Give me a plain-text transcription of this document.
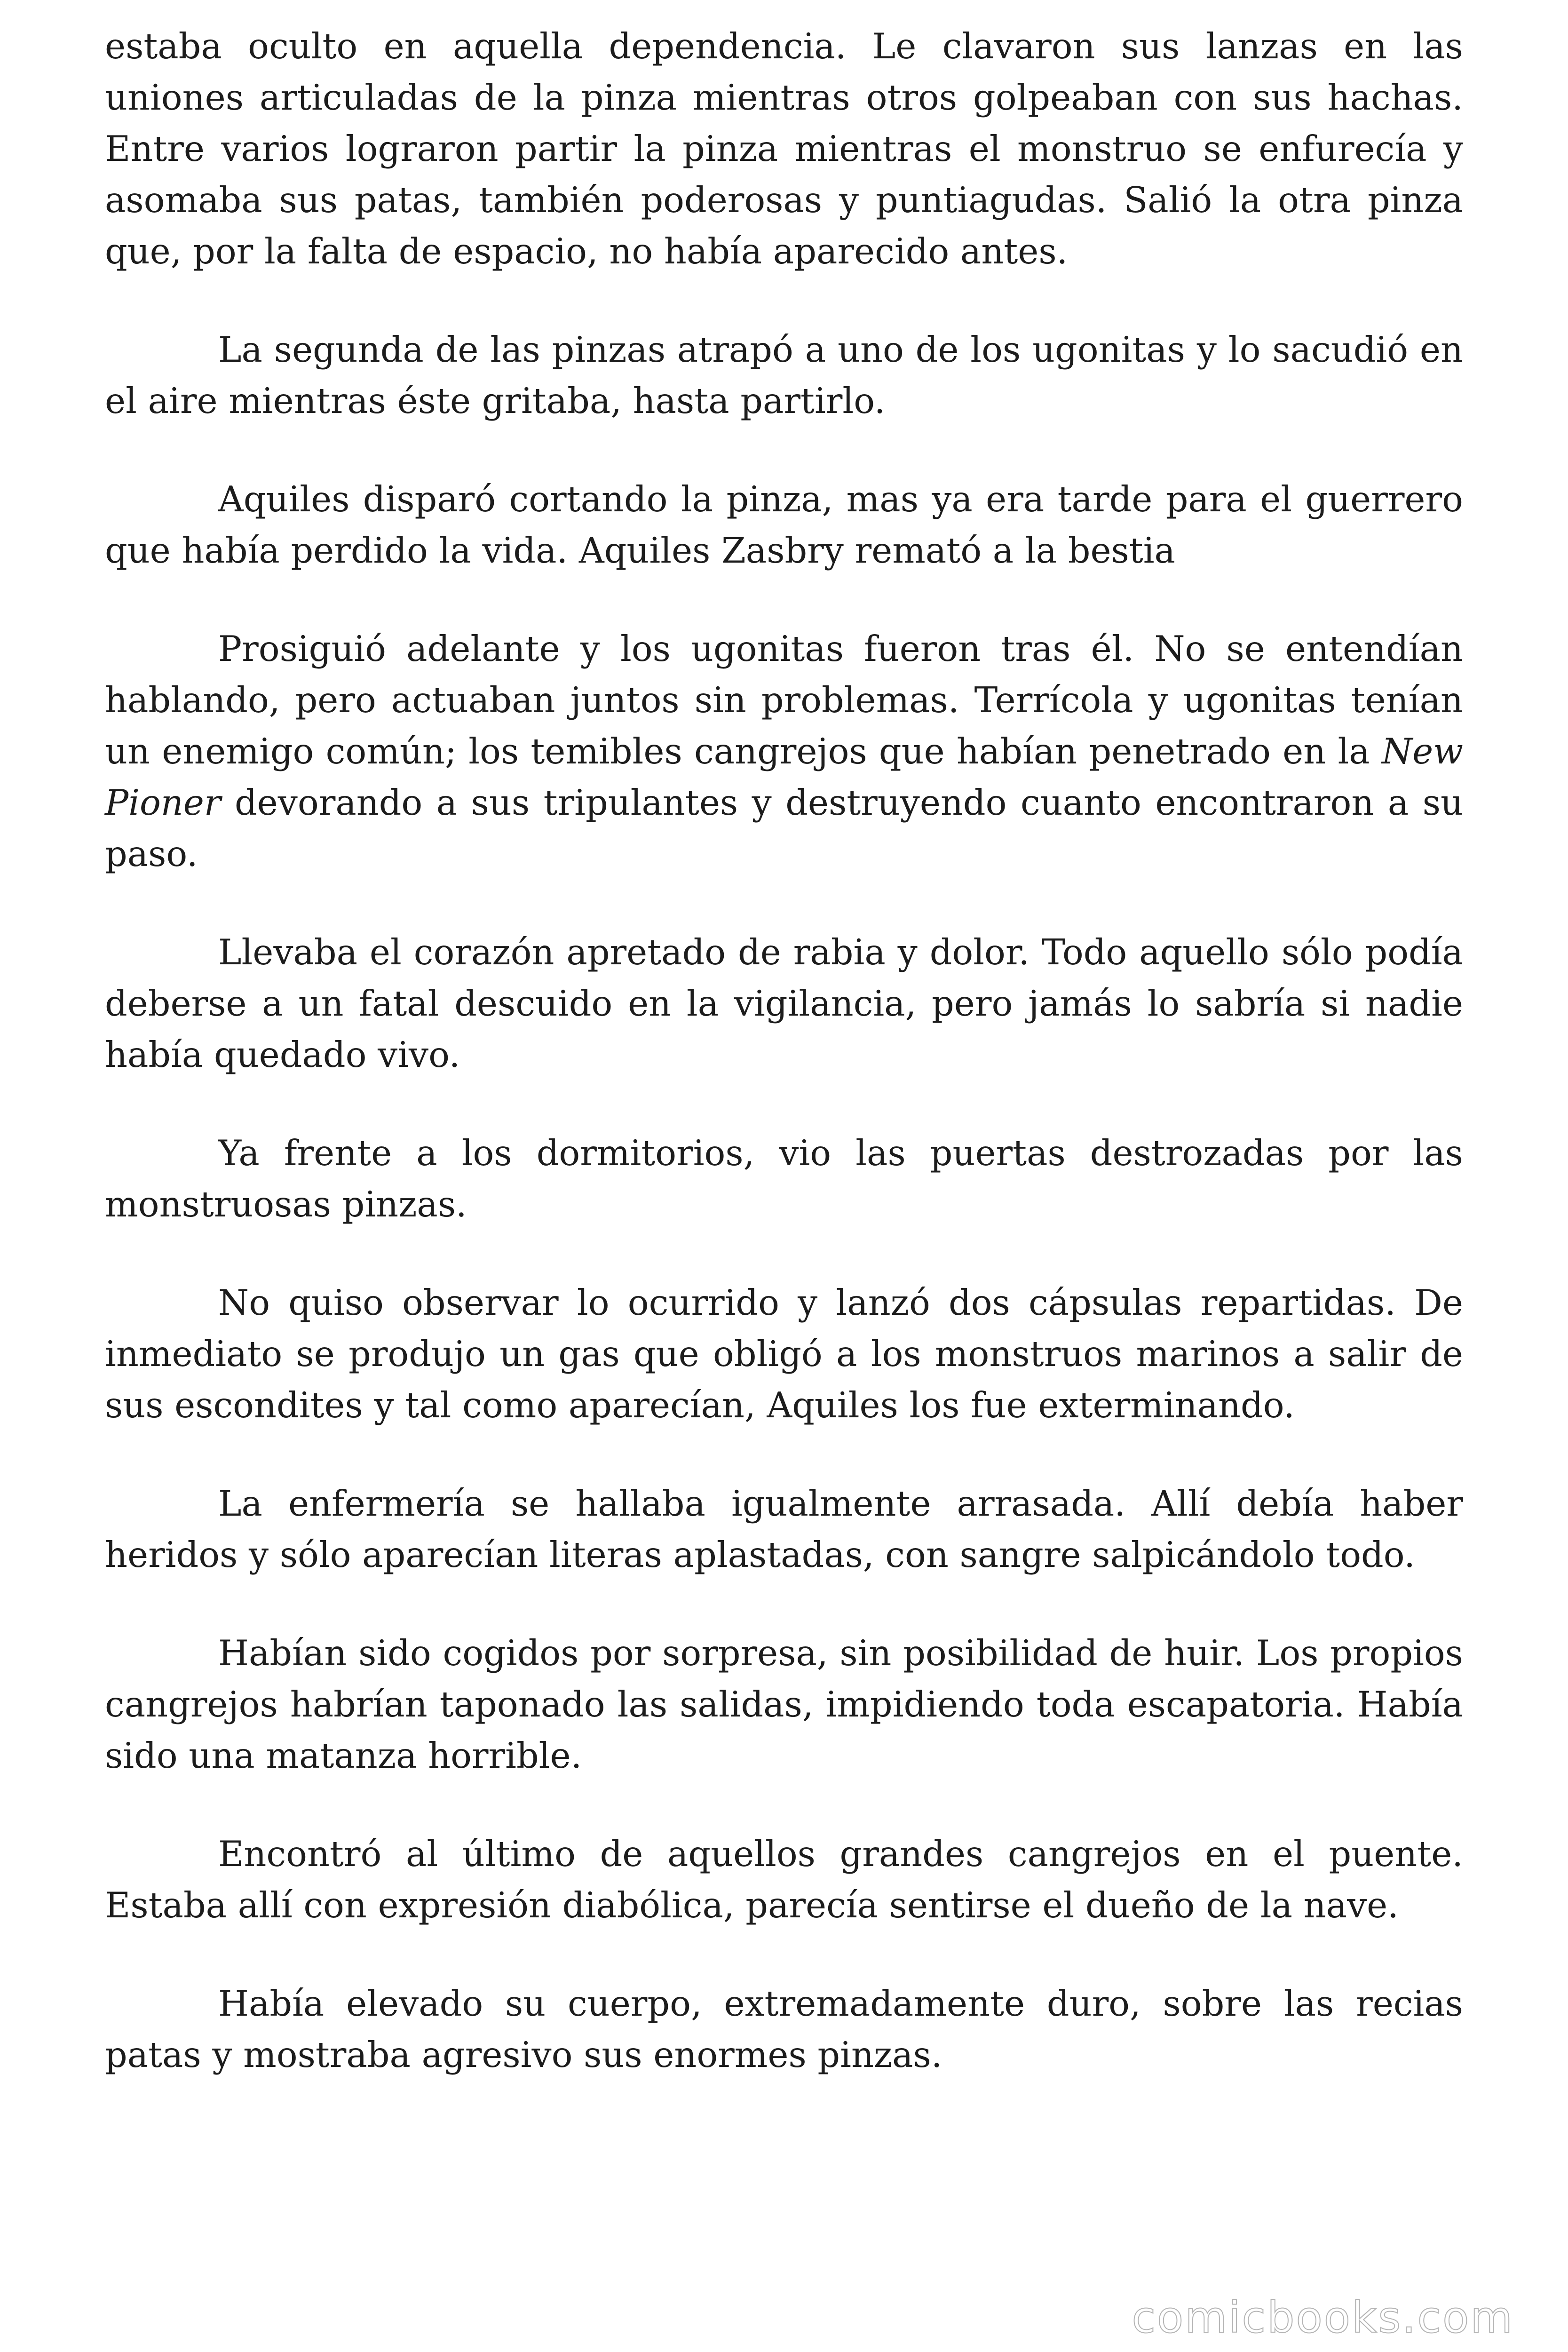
estaba oculto en aquella dependencia. Le clavaron sus lanzas en las uniones articuladas de la pinza mientras otros golpeaban con sus hachas. Entre varios lograron partir la pinza mientras el monstruo se enfurecía y asomaba sus patas, también poderosas y puntiagudas. Salió la otra pinza que, por la falta de espacio, no había aparecido antes.

La segunda de las pinzas atrapó a uno de los ugonitas y lo sacudió en el aire mientras éste gritaba, hasta partirlo.

Aquiles disparó cortando la pinza, mas ya era tarde para el guerrero que había perdido la vida. Aquiles Zasbry remató a la bestia

Prosiguió adelante y los ugonitas fueron tras él. No se entendían hablando, pero actuaban juntos sin problemas. Terrícola y ugonitas tenían un enemigo común; los temibles cangrejos que habían penetrado en la New Pioner devorando a sus tripulantes y destruyendo cuanto encontraron a su paso.

Llevaba el corazón apretado de rabia y dolor. Todo aquello sólo podía deberse a un fatal descuido en la vigilancia, pero jamás lo sabría si nadie había quedado vivo.

Ya frente a los dormitorios, vio las puertas destrozadas por las monstruosas pinzas.

No quiso observar lo ocurrido y lanzó dos cápsulas repartidas. De inmediato se produjo un gas que obligó a los monstruos marinos a salir de sus escondites y tal como aparecían, Aquiles los fue exterminando.

La enfermería se hallaba igualmente arrasada. Allí debía haber heridos y sólo aparecían literas aplastadas, con sangre salpicándolo todo.

Habían sido cogidos por sorpresa, sin posibilidad de huir. Los propios cangrejos habrían taponado las salidas, impidiendo toda escapatoria. Había sido una matanza horrible.

Encontró al último de aquellos grandes cangrejos en el puente. Estaba allí con expresión diabólica, parecía sentirse el dueño de la nave.

Había elevado su cuerpo, extremadamente duro, sobre las recias patas y mostraba agresivo sus enormes pinzas.

comicbooks.com
